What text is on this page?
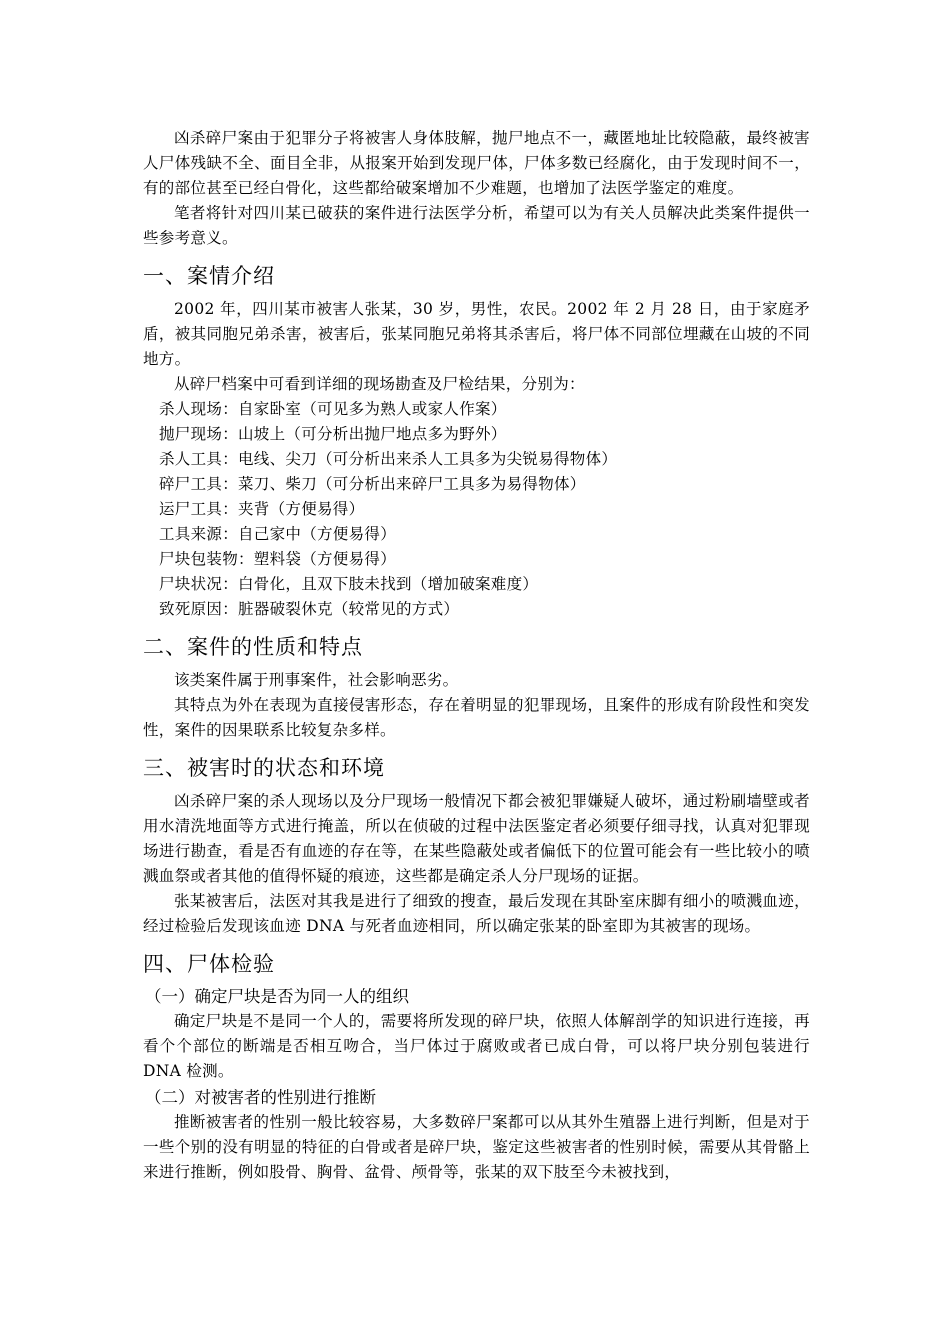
凶杀碎尸案由于犯罪分子将被害人身体肢解，抛尸地点不一，藏匿地址比较隐蔽，最终被害人尸体残缺不全、面目全非，从报案开始到发现尸体，尸体多数已经腐化，由于发现时间不一，有的部位甚至已经白骨化，这些都给破案增加不少难题，也增加了法医学鉴定的难度。

笔者将针对四川某已破获的案件进行法医学分析，希望可以为有关人员解决此类案件提供一些参考意义。

一、案情介绍

2002 年，四川某市被害人张某，30 岁，男性，农民。2002 年 2 月 28 日，由于家庭矛盾，被其同胞兄弟杀害，被害后，张某同胞兄弟将其杀害后，将尸体不同部位埋藏在山坡的不同地方。

从碎尸档案中可看到详细的现场勘查及尸检结果，分别为：

杀人现场：自家卧室（可见多为熟人或家人作案）

抛尸现场：山坡上（可分析出抛尸地点多为野外）

杀人工具：电线、尖刀（可分析出来杀人工具多为尖锐易得物体）

碎尸工具：菜刀、柴刀（可分析出来碎尸工具多为易得物体）

运尸工具：夹背（方便易得）

工具来源：自己家中（方便易得）

尸块包装物：塑料袋（方便易得）

尸块状况：白骨化，且双下肢未找到（增加破案难度）

致死原因：脏器破裂休克（较常见的方式）

二、案件的性质和特点

该类案件属于刑事案件，社会影响恶劣。

其特点为外在表现为直接侵害形态，存在着明显的犯罪现场，且案件的形成有阶段性和突发性，案件的因果联系比较复杂多样。

三、被害时的状态和环境

凶杀碎尸案的杀人现场以及分尸现场一般情况下都会被犯罪嫌疑人破坏，通过粉刷墙壁或者用水清洗地面等方式进行掩盖，所以在侦破的过程中法医鉴定者必须要仔细寻找，认真对犯罪现场进行勘查，看是否有血迹的存在等，在某些隐蔽处或者偏低下的位置可能会有一些比较小的喷溅血祭或者其他的值得怀疑的痕迹，这些都是确定杀人分尸现场的证据。

张某被害后，法医对其我是进行了细致的搜查，最后发现在其卧室床脚有细小的喷溅血迹，经过检验后发现该血迹 DNA 与死者血迹相同，所以确定张某的卧室即为其被害的现场。

四、尸体检验
（一）确定尸块是否为同一人的组织

确定尸块是不是同一个人的，需要将所发现的碎尸块，依照人体解剖学的知识进行连接，再看个个部位的断端是否相互吻合，当尸体过于腐败或者已成白骨，可以将尸块分别包装进行 DNA 检测。

（二）对被害者的性别进行推断

推断被害者的性别一般比较容易，大多数碎尸案都可以从其外生殖器上进行判断，但是对于一些个别的没有明显的特征的白骨或者是碎尸块，鉴定这些被害者的性别时候，需要从其骨骼上来进行推断，例如股骨、胸骨、盆骨、颅骨等，张某的双下肢至今未被找到，
